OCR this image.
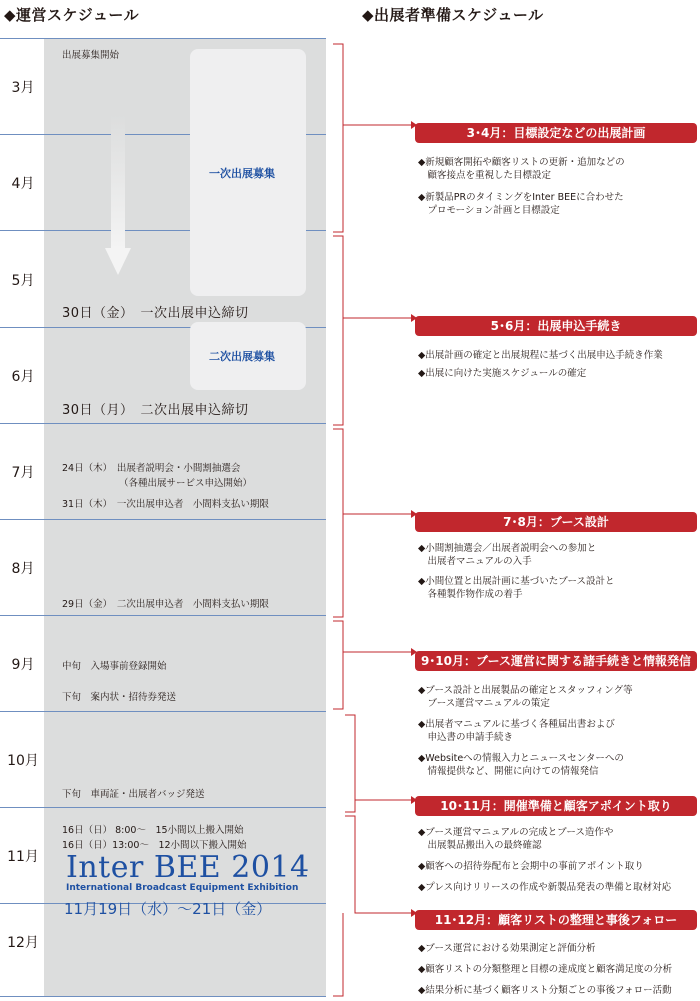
◆運営スケジュール	◆出展者準備スケジュール
3月
4月
5月
6月
7月
8月
9月
10月
11月
12月
一次出展募集
二次出展募集
出展募集開始
30日（金）　一次出展申込締切
30日（月）　二次出展申込締切
24日（木）　出展者説明会・小間割抽選会
（各種出展サービス申込開始）
31日（木）　一次出展申込者　小間料支払い期限
29日（金）　二次出展申込者　小間料支払い期限
中旬　入場事前登録開始
下旬　案内状・招待券発送
下旬　車両証・出展者バッジ発送
16日（日） 8:00～　15小間以上搬入開始
16日（日）13:00～　12小間以下搬入開始
Inter BEE 2014
International Broadcast Equipment Exhibition
11月19日（水）～21日（金）
3･4月：目標設定などの出展計画
◆新規顧客開拓や顧客リストの更新・追加などの
　顧客接点を重視した目標設定
◆新製品PRのタイミングをInter BEEに合わせた
　プロモーション計画と目標設定
5･6月：出展申込手続き
◆出展計画の確定と出展規程に基づく出展申込手続き作業
◆出展に向けた実施スケジュールの確定
7･8月：ブース設計
◆小間割抽選会／出展者説明会への参加と
　出展者マニュアルの入手
◆小間位置と出展計画に基づいたブース設計と
　各種製作物作成の着手
9･10月：ブース運営に関する諸手続きと情報発信
◆ブース設計と出展製品の確定とスタッフィング等
　ブース運営マニュアルの策定
◆出展者マニュアルに基づく各種届出書および
　申込書の申請手続き
◆Websiteへの情報入力とニュースセンターへの
　情報提供など、開催に向けての情報発信
10･11月：開催準備と顧客アポイント取り
◆ブース運営マニュアルの完成とブース造作や
　出展製品搬出入の最終確認
◆顧客への招待券配布と会期中の事前アポイント取り
◆プレス向けリリースの作成や新製品発表の準備と取材対応
11･12月：顧客リストの整理と事後フォロー
◆ブース運営における効果測定と評価分析
◆顧客リストの分類整理と目標の達成度と顧客満足度の分析
◆結果分析に基づく顧客リスト分類ごとの事後フォロー活動
